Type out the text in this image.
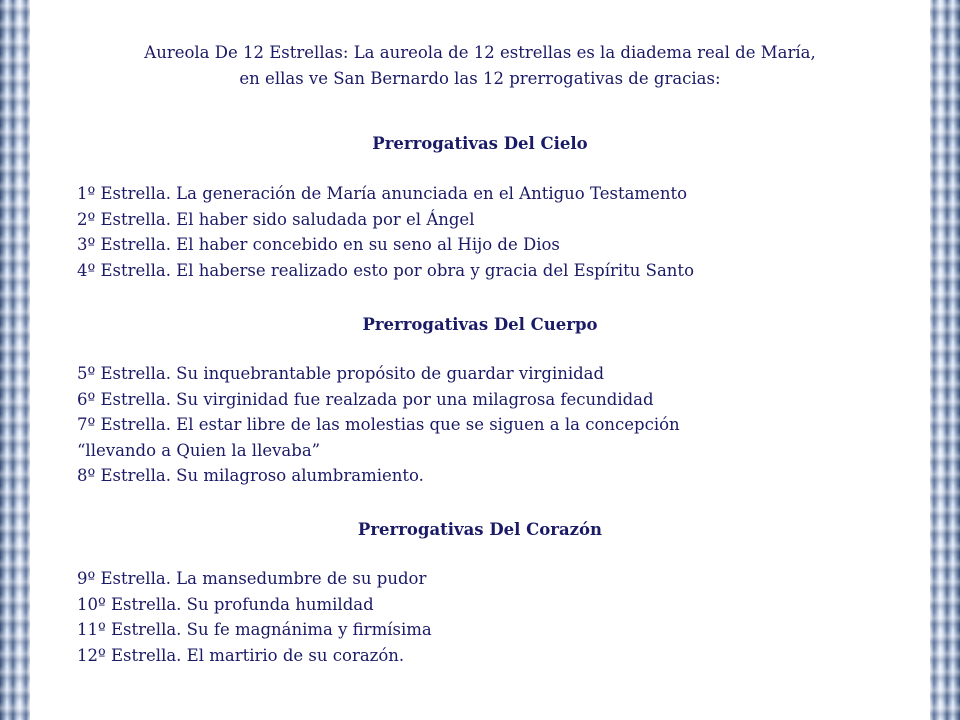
Aureola De 12 Estrellas: La aureola de 12 estrellas es la diadema real de María,
en ellas ve San Bernardo las 12 prerrogativas de gracias:
Prerrogativas Del Cielo
1º Estrella. La generación de María anunciada en el Antiguo Testamento
2º Estrella. El haber sido saludada por el Ángel
3º Estrella. El haber concebido en su seno al Hijo de Dios
4º Estrella. El haberse realizado esto por obra y gracia del Espíritu Santo
Prerrogativas Del Cuerpo
5º Estrella. Su inquebrantable propósito de guardar virginidad
6º Estrella. Su virginidad fue realzada por una milagrosa fecundidad
7º Estrella. El estar libre de las molestias que se siguen a la concepción
“llevando a Quien la llevaba”
8º Estrella. Su milagroso alumbramiento.
Prerrogativas Del Corazón
9º Estrella. La mansedumbre de su pudor
10º Estrella. Su profunda humildad
11º Estrella. Su fe magnánima y firmísima
12º Estrella. El martirio de su corazón.
